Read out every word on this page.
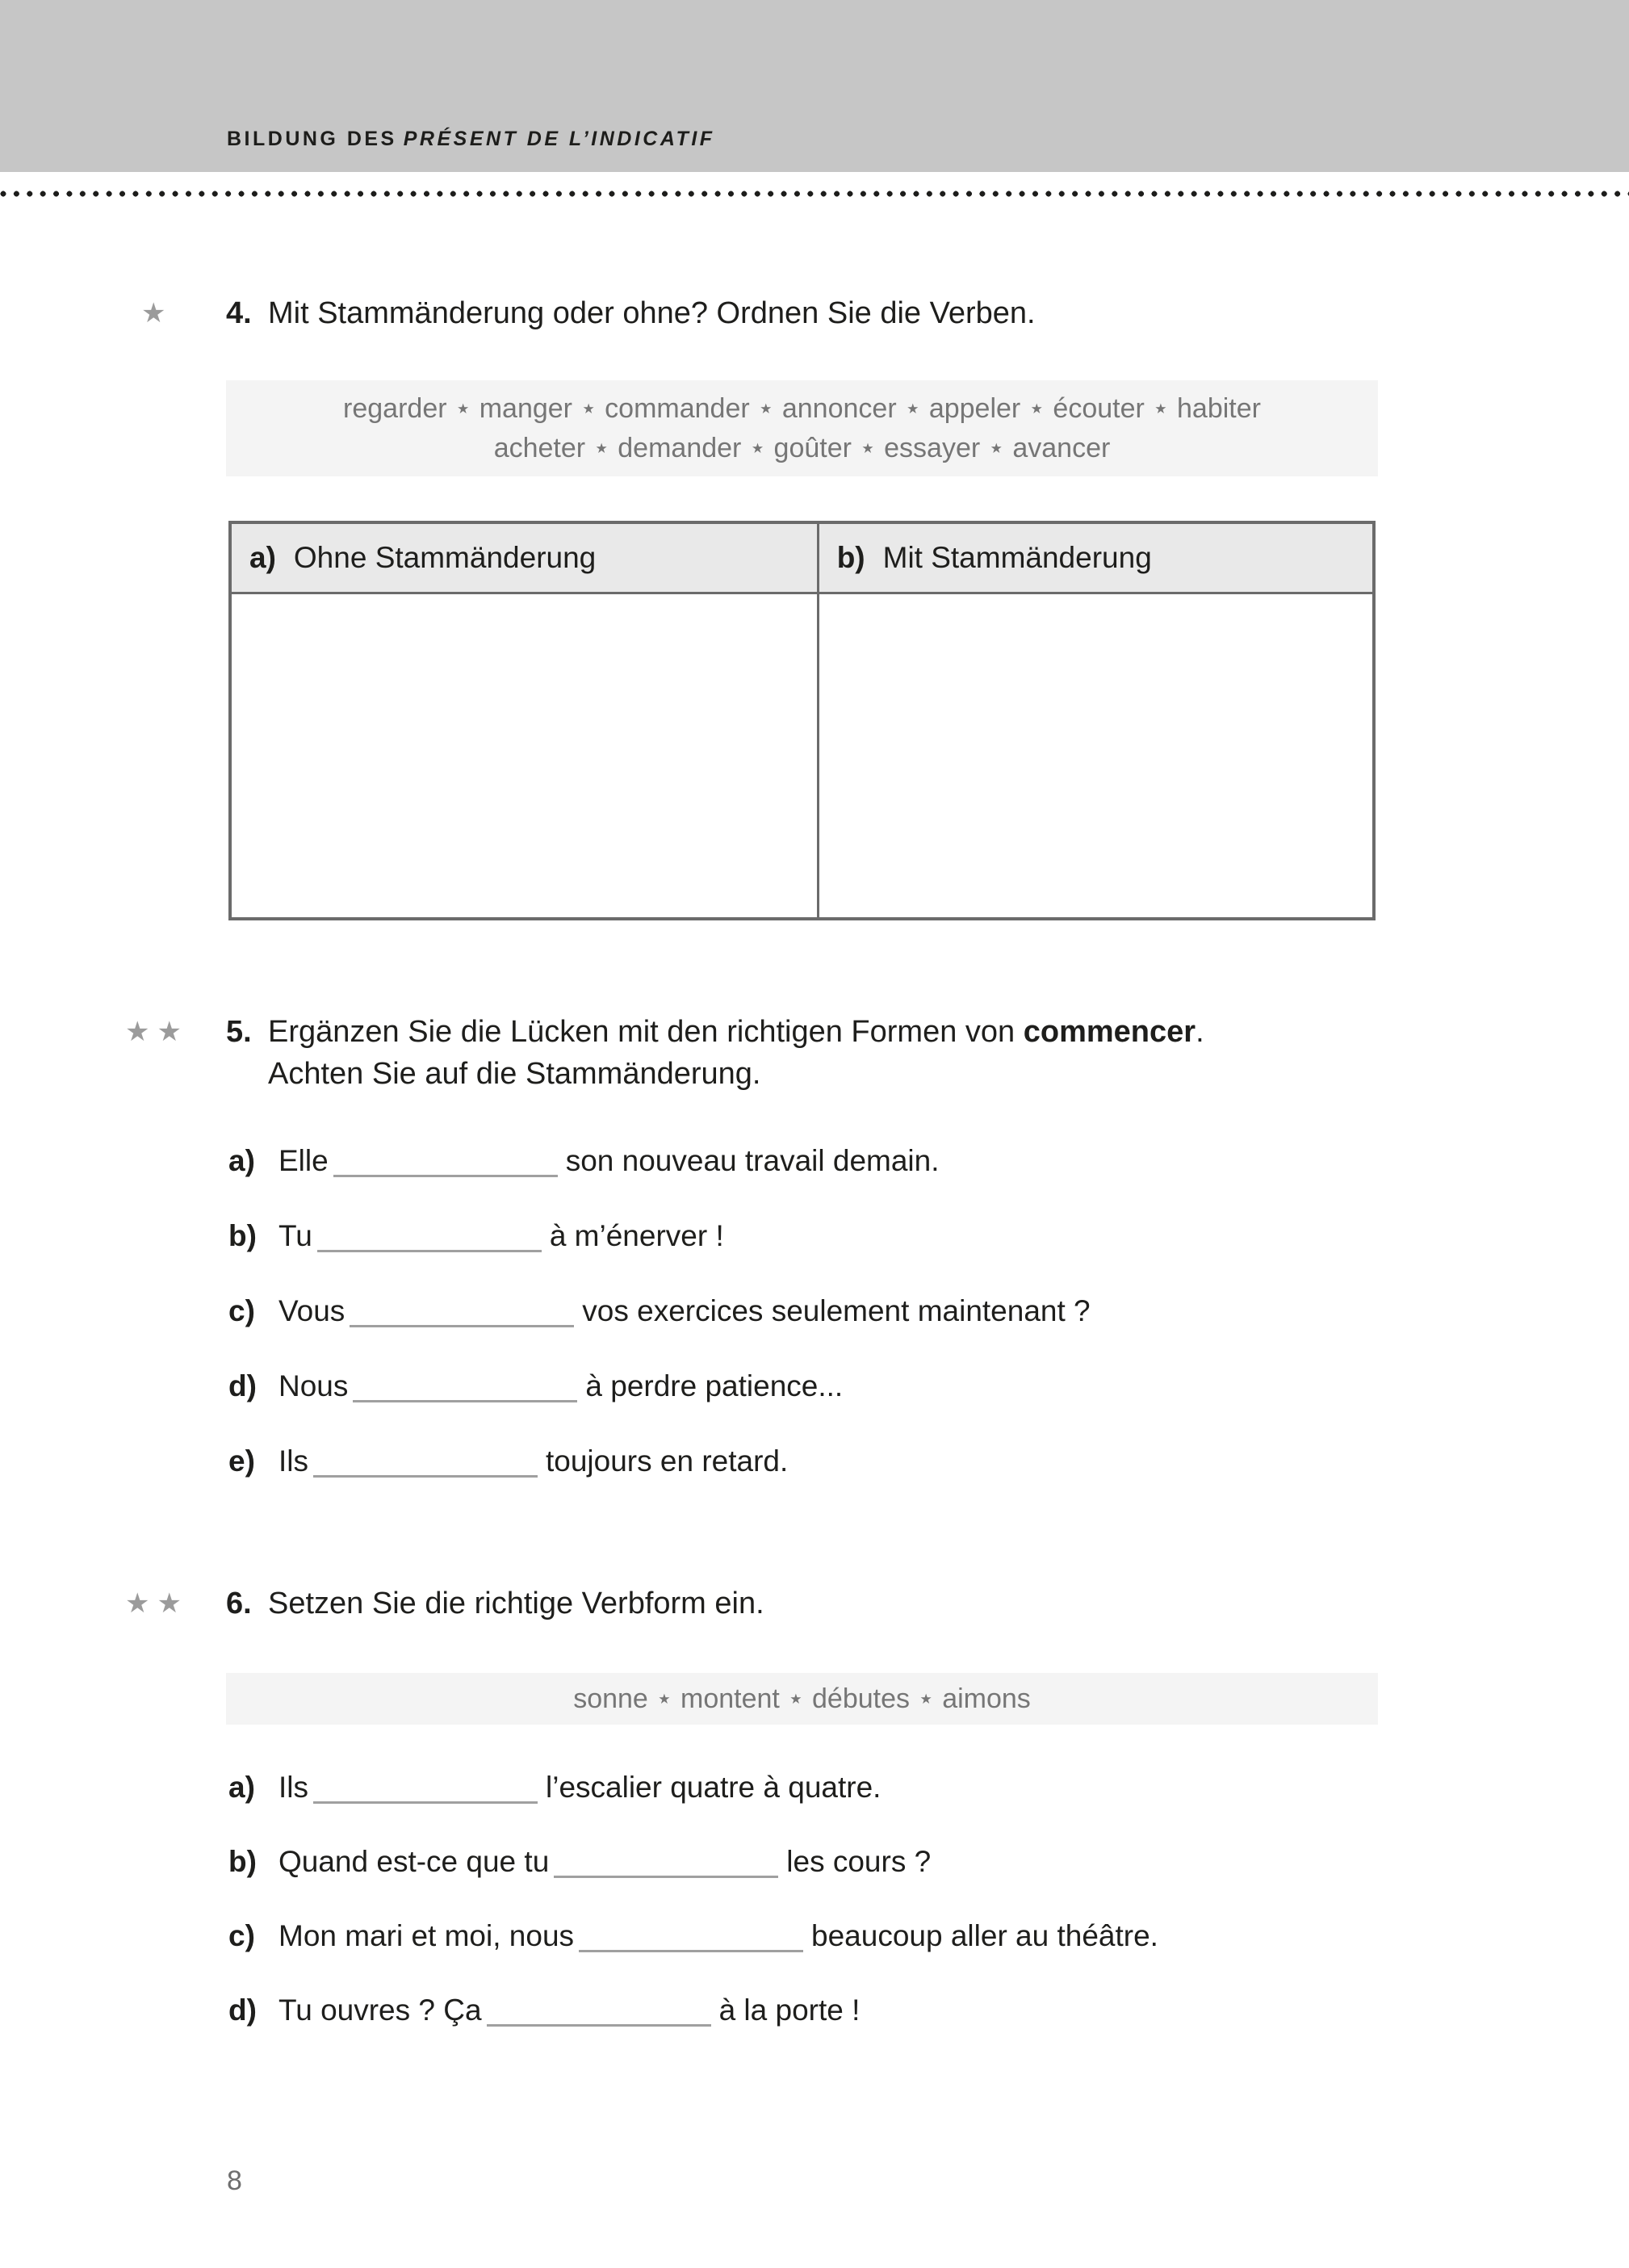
BILDUNG DES PRÉSENT DE L’INDICATIF
★ 4. Mit Stammänderung oder ohne? Ordnen Sie die Verben.
regarder ⋆ manger ⋆ commander ⋆ annoncer ⋆ appeler ⋆ écouter ⋆ habiter
acheter ⋆ demander ⋆ goûter ⋆ essayer ⋆ avancer
a) Ohne Stammänderung	b) Mit Stammänderung
★★ 5. Ergänzen Sie die Lücken mit den richtigen Formen von commencer.
Achten Sie auf die Stammänderung.
a) Elle	son nouveau travail demain.
b) Tu	à m’énerver !
c) Vous	vos exercices seulement maintenant ?
d) Nous	à perdre patience...
e) Ils	toujours en retard.
★★ 6. Setzen Sie die richtige Verbform ein.
sonne ⋆ montent ⋆ débutes ⋆ aimons
a) Ils	l’escalier quatre à quatre.
b) Quand est-ce que tu	les cours ?
c) Mon mari et moi, nous	beaucoup aller au théâtre.
d) Tu ouvres ? Ça	à la porte !
8
